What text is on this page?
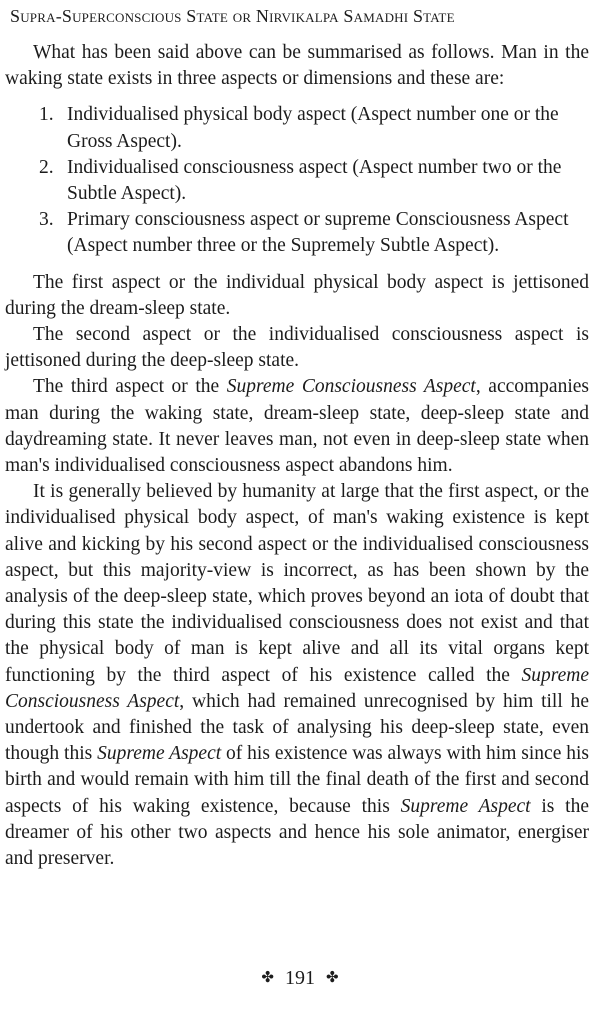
Supra-Superconscious State or Nirvikalpa Samadhi State

What has been said above can be summarised as follows. Man in the waking state exists in three aspects or dimensions and these are:

1. Individualised physical body aspect (Aspect number one or the Gross Aspect).
2. Individualised consciousness aspect (Aspect number two or the Subtle Aspect).
3. Primary consciousness aspect or supreme Consciousness Aspect (Aspect number three or the Supremely Subtle Aspect).

The first aspect or the individual physical body aspect is jettisoned during the dream-sleep state.

The second aspect or the individualised consciousness aspect is jettisoned during the deep-sleep state.

The third aspect or the Supreme Consciousness Aspect, accompanies man during the waking state, dream-sleep state, deep-sleep state and daydreaming state. It never leaves man, not even in deep-sleep state when man's individualised consciousness aspect abandons him.

It is generally believed by humanity at large that the first aspect, or the individualised physical body aspect, of man's waking existence is kept alive and kicking by his second aspect or the individualised consciousness aspect, but this majority-view is incorrect, as has been shown by the analysis of the deep-sleep state, which proves beyond an iota of doubt that during this state the individualised consciousness does not exist and that the physical body of man is kept alive and all its vital organs kept functioning by the third aspect of his existence called the Supreme Consciousness Aspect, which had remained unrecognised by him till he undertook and finished the task of analysing his deep-sleep state, even though this Supreme Aspect of his existence was always with him since his birth and would remain with him till the final death of the first and second aspects of his waking existence, because this Supreme Aspect is the dreamer of his other two aspects and hence his sole animator, energiser and preserver.

✤ 191 ✤
